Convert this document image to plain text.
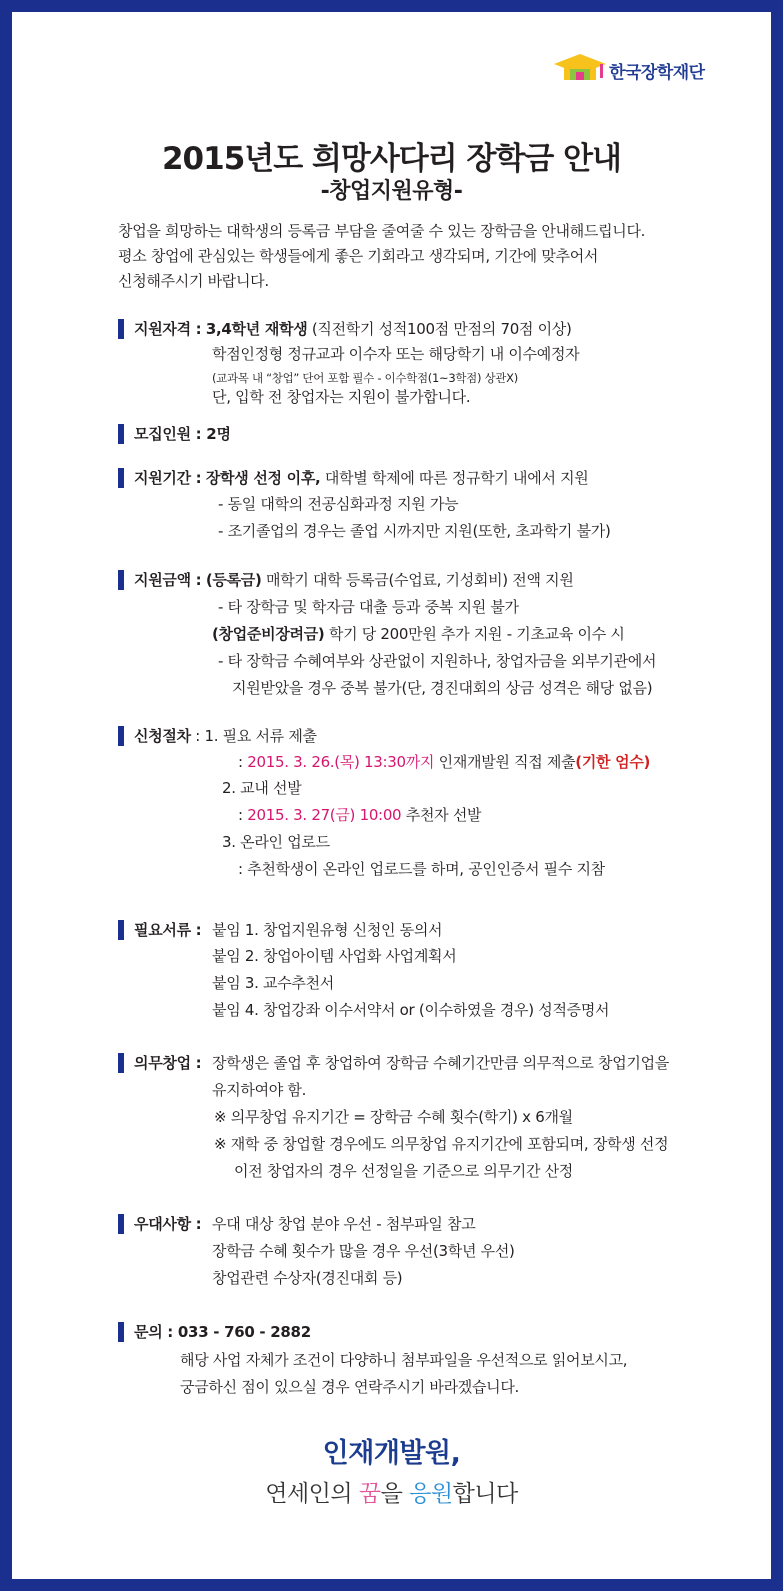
한국장학재단
2015년도 희망사다리 장학금 안내
-창업지원유형-
창업을 희망하는 대학생의 등록금 부담을 줄여줄 수 있는 장학금을 안내해드립니다.
평소 창업에 관심있는 학생들에게 좋은 기회라고 생각되며, 기간에 맞추어서
신청해주시기 바랍니다.
지원자격 : 3,4학년 재학생 (직전학기 성적100점 만점의 70점 이상)
학점인정형 정규교과 이수자 또는 해당학기 내 이수예정자
(교과목 내 “창업” 단어 포함 필수 - 이수학점(1~3학점) 상관X)
단, 입학 전 창업자는 지원이 불가합니다.
모집인원 : 2명
지원기간 : 장학생 선정 이후, 대학별 학제에 따른 정규학기 내에서 지원
- 동일 대학의 전공심화과정 지원 가능
- 조기졸업의 경우는 졸업 시까지만 지원(또한, 초과학기 불가)
지원금액 : (등록금) 매학기 대학 등록금(수업료, 기성회비) 전액 지원
- 타 장학금 및 학자금 대출 등과 중복 지원 불가
(창업준비장려금) 학기 당 200만원 추가 지원 - 기초교육 이수 시
- 타 장학금 수혜여부와 상관없이 지원하나, 창업자금을 외부기관에서
지원받았을 경우 중복 불가(단, 경진대회의 상금 성격은 해당 없음)
신청절차 : 1. 필요 서류 제출
: 2015. 3. 26.(목) 13:30까지 인재개발원 직접 제출(기한 엄수)
2. 교내 선발
: 2015. 3. 27(금) 10:00 추천자 선발
3. 온라인 업로드
: 추천학생이 온라인 업로드를 하며, 공인인증서 필수 지참
필요서류 : 붙임 1. 창업지원유형 신청인 동의서
붙임 2. 창업아이템 사업화 사업계획서
붙임 3. 교수추천서
붙임 4. 창업강좌 이수서약서 or (이수하였을 경우) 성적증명서
의무창업 : 장학생은 졸업 후 창업하여 장학금 수혜기간만큼 의무적으로 창업기업을
유지하여야 함.
※ 의무창업 유지기간 = 장학금 수혜 횟수(학기) x 6개월
※ 재학 중 창업할 경우에도 의무창업 유지기간에 포함되며, 장학생 선정
이전 창업자의 경우 선정일을 기준으로 의무기간 산정
우대사항 : 우대 대상 창업 분야 우선 - 첨부파일 참고
장학금 수혜 횟수가 많을 경우 우선(3학년 우선)
창업관련 수상자(경진대회 등)
문의 : 033 - 760 - 2882
해당 사업 자체가 조건이 다양하니 첨부파일을 우선적으로 읽어보시고,
궁금하신 점이 있으실 경우 연락주시기 바라겠습니다.
인재개발원,
연세인의 꿈을 응원합니다
